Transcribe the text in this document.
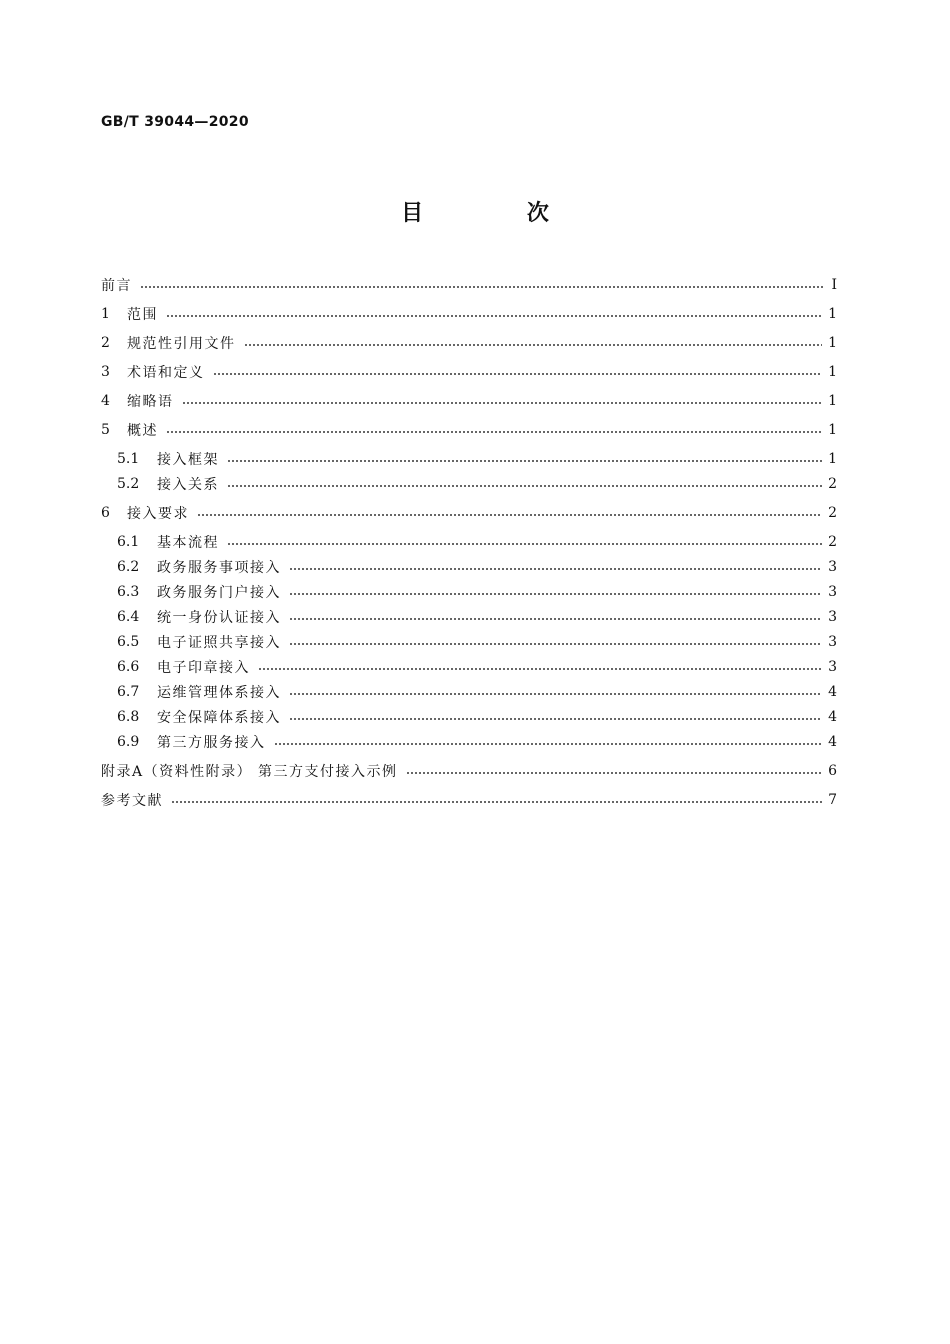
GB/T 39044—2020
目 次
前言	Ⅰ
1	范围	1
2	规范性引用文件	1
3	术语和定义	1
4	缩略语	1
5	概述	1
5.1	接入框架	1
5.2	接入关系	2
6	接入要求	2
6.1	基本流程	2
6.2	政务服务事项接入	3
6.3	政务服务门户接入	3
6.4	统一身份认证接入	3
6.5	电子证照共享接入	3
6.6	电子印章接入	3
6.7	运维管理体系接入	4
6.8	安全保障体系接入	4
6.9	第三方服务接入	4
附录A（资料性附录） 第三方支付接入示例	6
参考文献	7
